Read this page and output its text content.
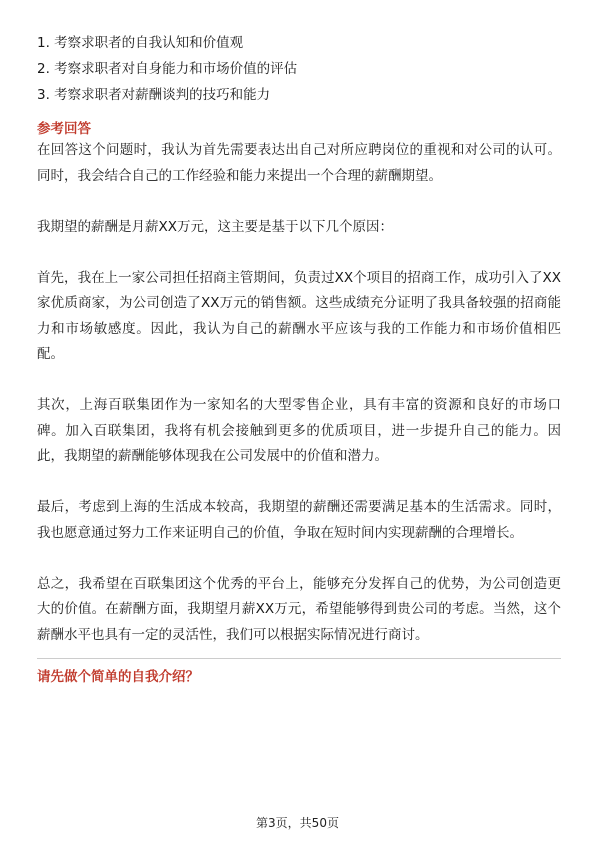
1. 考察求职者的自我认知和价值观
2. 考察求职者对自身能力和市场价值的评估
3. 考察求职者对薪酬谈判的技巧和能力
参考回答

在回答这个问题时，我认为首先需要表达出自己对所应聘岗位的重视和对公司的认可。同时，我会结合自己的工作经验和能力来提出一个合理的薪酬期望。

我期望的薪酬是月薪XX万元，这主要是基于以下几个原因：

首先，我在上一家公司担任招商主管期间，负责过XX个项目的招商工作，成功引入了XX家优质商家，为公司创造了XX万元的销售额。这些成绩充分证明了我具备较强的招商能力和市场敏感度。因此，我认为自己的薪酬水平应该与我的工作能力和市场价值相匹配。

其次，上海百联集团作为一家知名的大型零售企业，具有丰富的资源和良好的市场口碑。加入百联集团，我将有机会接触到更多的优质项目，进一步提升自己的能力。因此，我期望的薪酬能够体现我在公司发展中的价值和潜力。

最后，考虑到上海的生活成本较高，我期望的薪酬还需要满足基本的生活需求。同时，我也愿意通过努力工作来证明自己的价值，争取在短时间内实现薪酬的合理增长。

总之，我希望在百联集团这个优秀的平台上，能够充分发挥自己的优势，为公司创造更大的价值。在薪酬方面，我期望月薪XX万元，希望能够得到贵公司的考虑。当然，这个薪酬水平也具有一定的灵活性，我们可以根据实际情况进行商讨。

请先做个简单的自我介绍？
第3页，共50页
